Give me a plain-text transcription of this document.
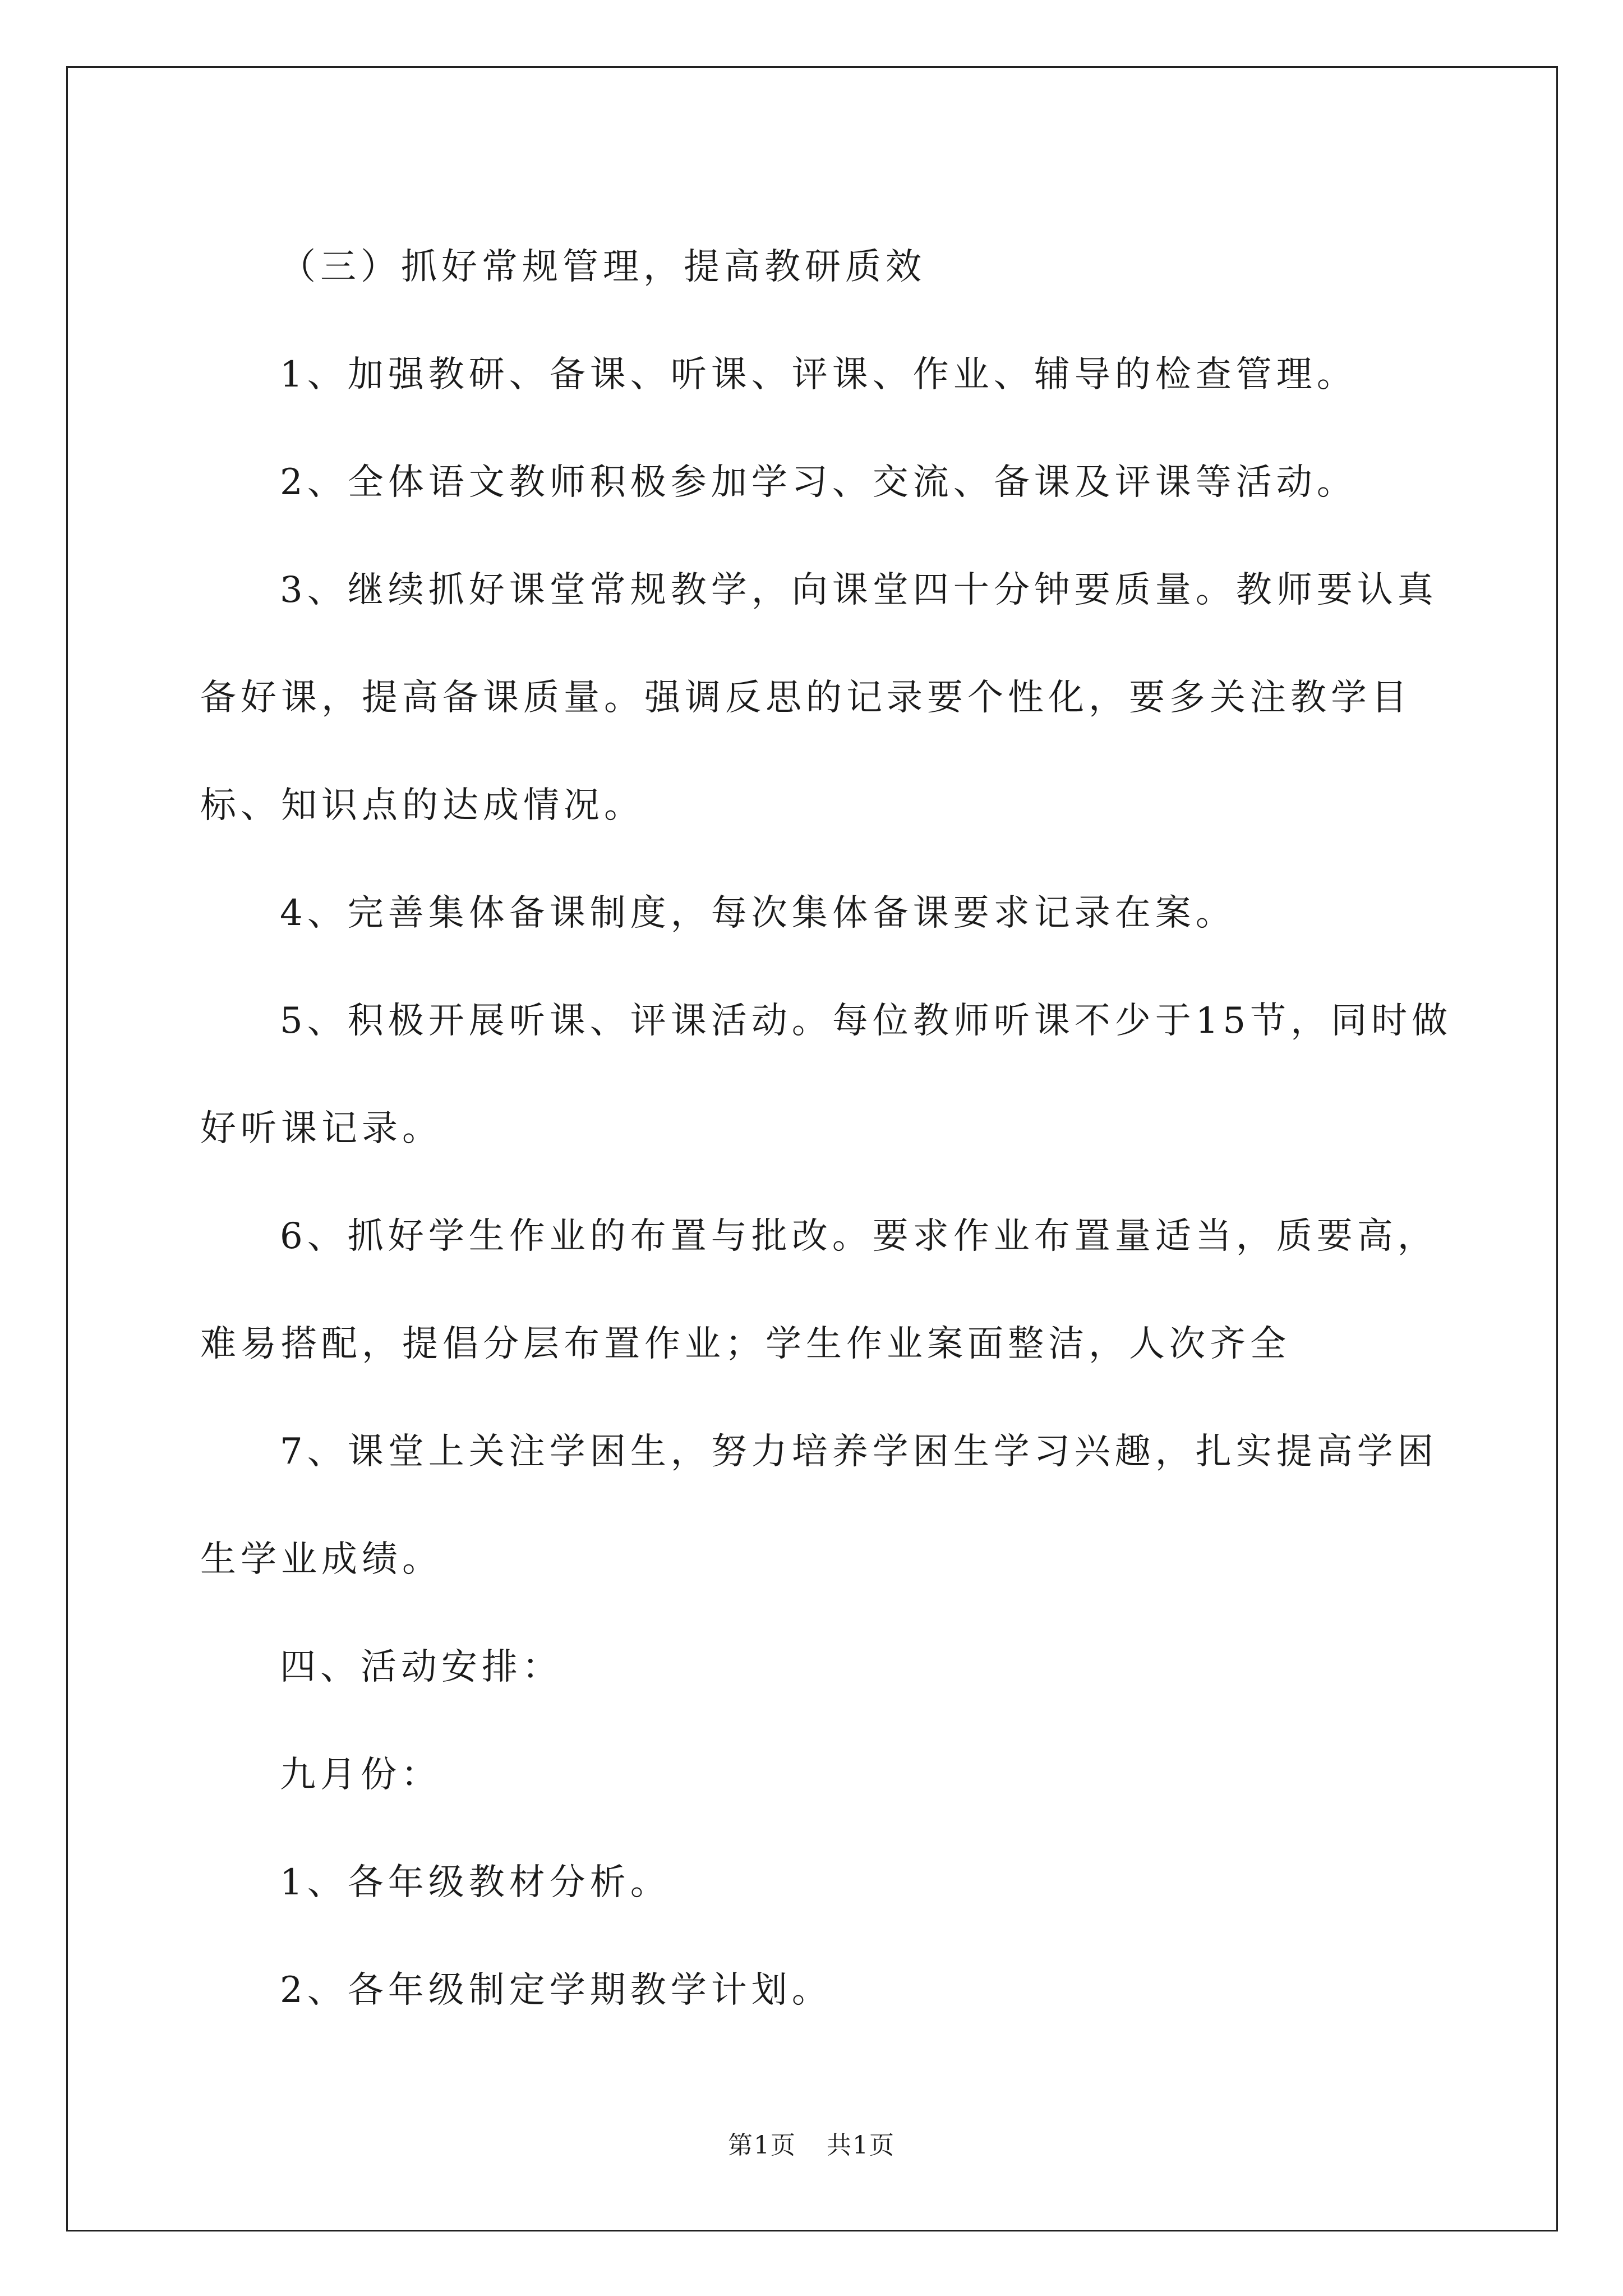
（三）抓好常规管理，提高教研质效

1、加强教研、备课、听课、评课、作业、辅导的检查管理。

2、全体语文教师积极参加学习、交流、备课及评课等活动。

3、继续抓好课堂常规教学，向课堂四十分钟要质量。教师要认真备好课，提高备课质量。强调反思的记录要个性化，要多关注教学目标、知识点的达成情况。

4、完善集体备课制度，每次集体备课要求记录在案。

5、积极开展听课、评课活动。每位教师听课不少于15节，同时做好听课记录。

6、抓好学生作业的布置与批改。要求作业布置量适当，质要高，难易搭配，提倡分层布置作业；学生作业案面整洁，人次齐全

7、课堂上关注学困生，努力培养学困生学习兴趣，扎实提高学困生学业成绩。

四、活动安排：

九月份：

1、各年级教材分析。

2、各年级制定学期教学计划。

第1页 共1页
